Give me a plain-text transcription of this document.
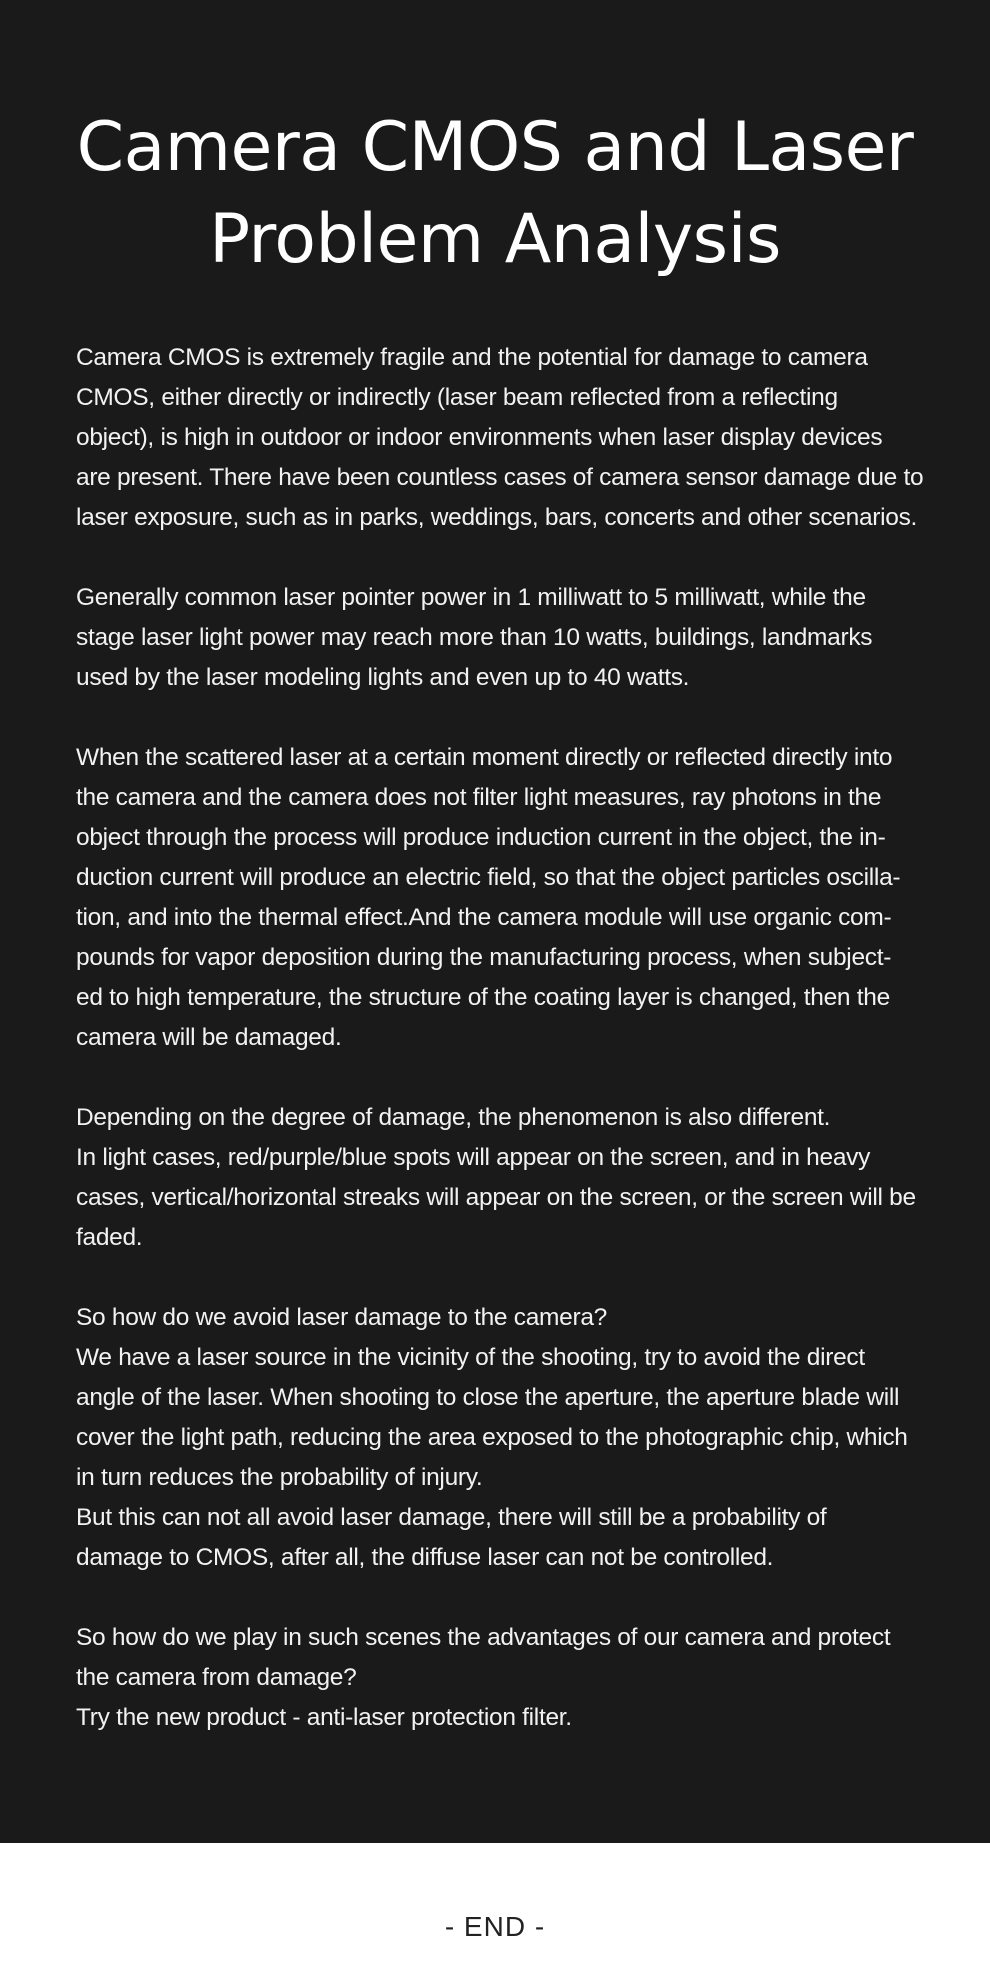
Camera CMOS and Laser
Problem Analysis

Camera CMOS is extremely fragile and the potential for damage to camera
CMOS, either directly or indirectly (laser beam reflected from a reflecting
object), is high in outdoor or indoor environments when laser display devices
are present. There have been countless cases of camera sensor damage due to
laser exposure, such as in parks, weddings, bars, concerts and other scenarios.

Generally common laser pointer power in 1 milliwatt to 5 milliwatt, while the
stage laser light power may reach more than 10 watts, buildings, landmarks
used by the laser modeling lights and even up to 40 watts.

When the scattered laser at a certain moment directly or reflected directly into
the camera and the camera does not filter light measures, ray photons in the
object through the process will produce induction current in the object, the in-
duction current will produce an electric field, so that the object particles oscilla-
tion, and into the thermal effect.And the camera module will use organic com-
pounds for vapor deposition during the manufacturing process, when subject-
ed to high temperature, the structure of the coating layer is changed, then the
camera will be damaged.

Depending on the degree of damage, the phenomenon is also different.
In light cases, red/purple/blue spots will appear on the screen, and in heavy
cases, vertical/horizontal streaks will appear on the screen, or the screen will be
faded.

So how do we avoid laser damage to the camera?
We have a laser source in the vicinity of the shooting, try to avoid the direct
angle of the laser. When shooting to close the aperture, the aperture blade will
cover the light path, reducing the area exposed to the photographic chip, which
in turn reduces the probability of injury.
But this can not all avoid laser damage, there will still be a probability of
damage to CMOS, after all, the diffuse laser can not be controlled.

So how do we play in such scenes the advantages of our camera and protect
the camera from damage?
Try the new product - anti-laser protection filter.

- END -
